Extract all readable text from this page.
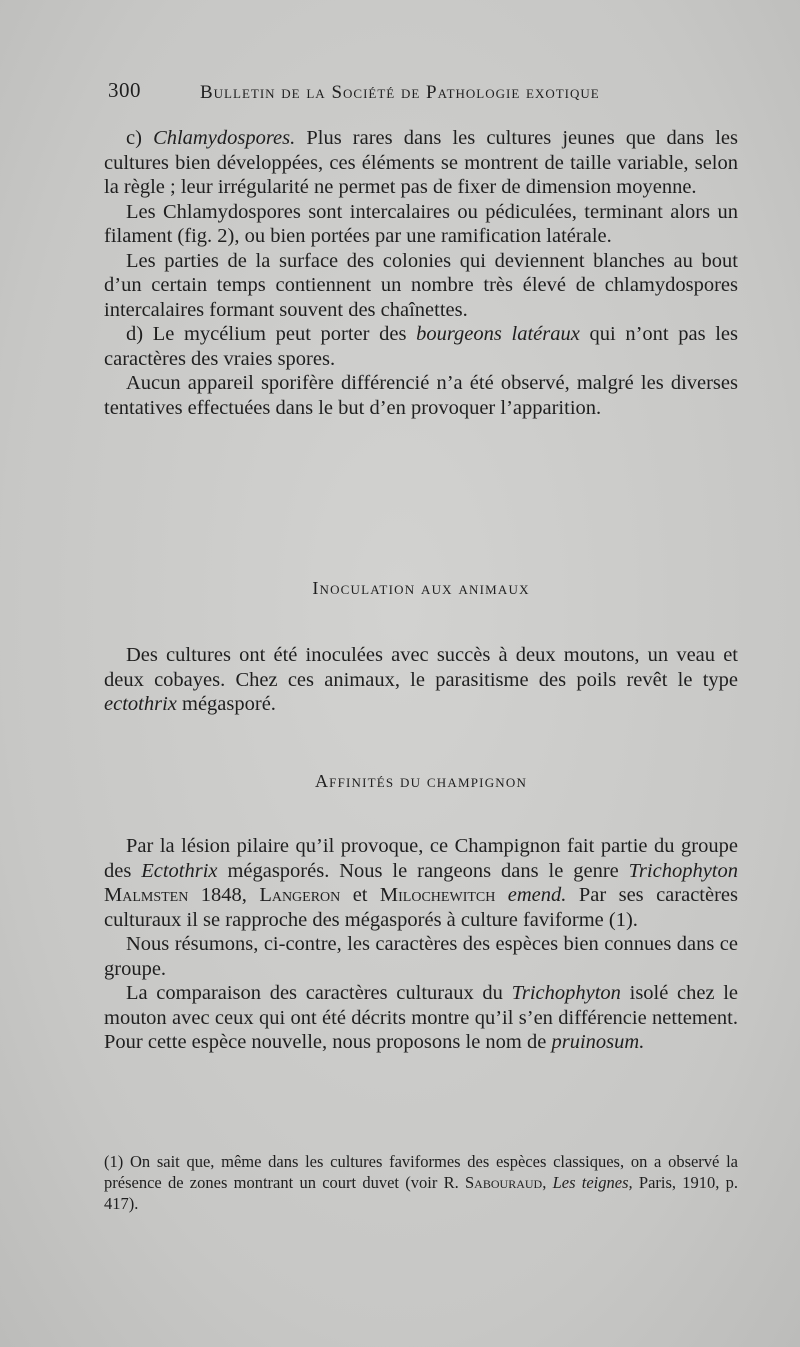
300	Bulletin de la Société de Pathologie exotique

c) Chlamydospores. Plus rares dans les cultures jeunes que dans les cultures bien développées, ces éléments se montrent de taille variable, selon la règle ; leur irrégularité ne permet pas de fixer de dimension moyenne.

Les Chlamydospores sont intercalaires ou pédiculées, terminant alors un filament (fig. 2), ou bien portées par une ramification latérale.

Les parties de la surface des colonies qui deviennent blanches au bout d’un certain temps contiennent un nombre très élevé de chlamydospores intercalaires formant souvent des chaînettes.

d) Le mycélium peut porter des bourgeons latéraux qui n’ont pas les caractères des vraies spores.

Aucun appareil sporifère différencié n’a été observé, malgré les diverses tentatives effectuées dans le but d’en provoquer l’apparition.

Inoculation aux animaux

Des cultures ont été inoculées avec succès à deux moutons, un veau et deux cobayes. Chez ces animaux, le parasitisme des poils revêt le type ectothrix mégasporé.

Affinités du champignon

Par la lésion pilaire qu’il provoque, ce Champignon fait partie du groupe des Ectothrix mégasporés. Nous le rangeons dans le genre Trichophyton Malmsten 1848, Langeron et Milochewitch emend. Par ses caractères culturaux il se rapproche des mégasporés à culture faviforme (1).

Nous résumons, ci-contre, les caractères des espèces bien connues dans ce groupe.

La comparaison des caractères culturaux du Trichophyton isolé chez le mouton avec ceux qui ont été décrits montre qu’il s’en différencie nettement. Pour cette espèce nouvelle, nous proposons le nom de pruinosum.

(1) On sait que, même dans les cultures faviformes des espèces classiques, on a observé la présence de zones montrant un court duvet (voir R. Sabouraud, Les teignes, Paris, 1910, p. 417).
